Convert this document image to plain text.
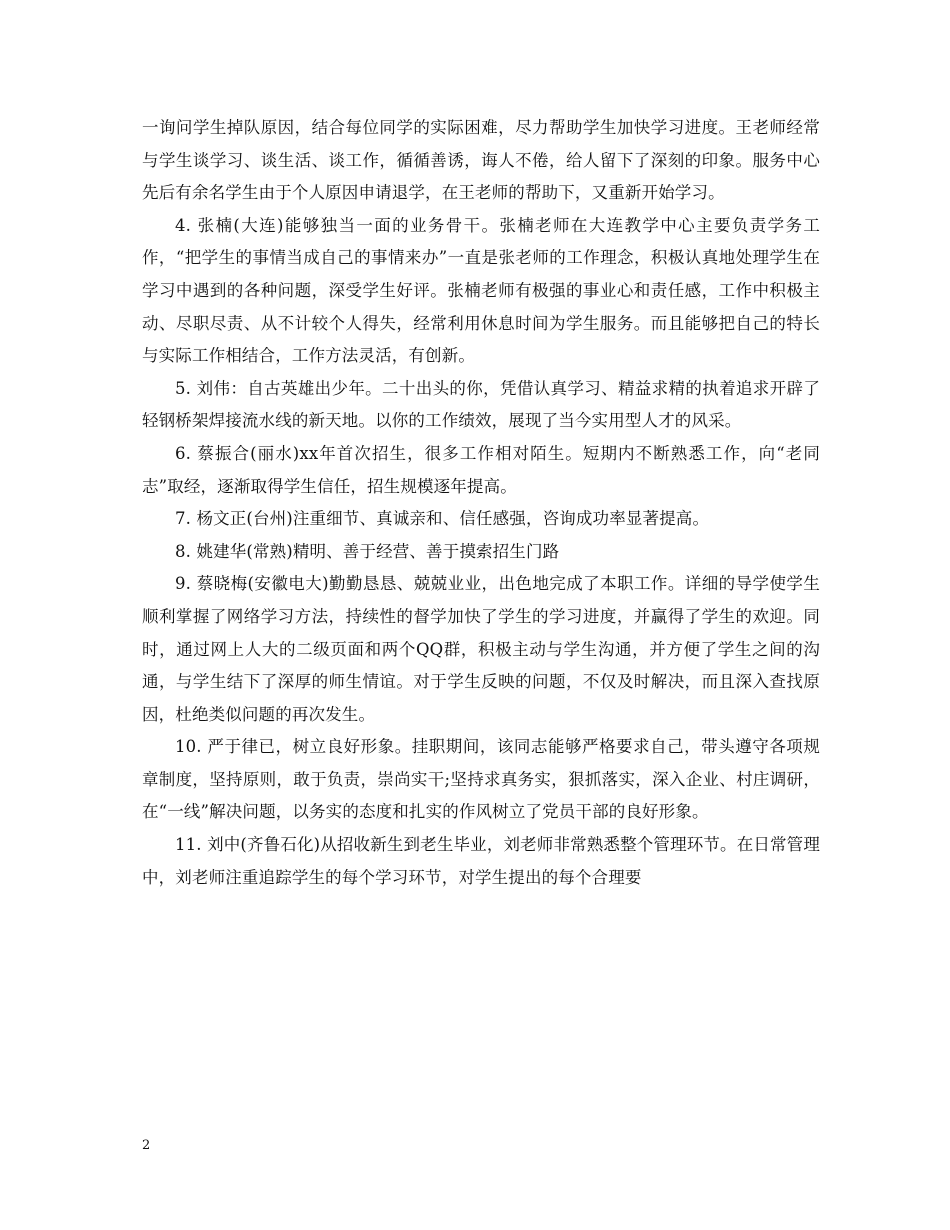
一询问学生掉队原因，结合每位同学的实际困难，尽力帮助学生加快学习进度。王老师经常与学生谈学习、谈生活、谈工作，循循善诱，诲人不倦，给人留下了深刻的印象。服务中心先后有余名学生由于个人原因申请退学，在王老师的帮助下，又重新开始学习。

4. 张楠(大连)能够独当一面的业务骨干。张楠老师在大连教学中心主要负责学务工作，“把学生的事情当成自己的事情来办”一直是张老师的工作理念，积极认真地处理学生在学习中遇到的各种问题，深受学生好评。张楠老师有极强的事业心和责任感，工作中积极主动、尽职尽责、从不计较个人得失，经常利用休息时间为学生服务。而且能够把自己的特长与实际工作相结合，工作方法灵活，有创新。

5. 刘伟：自古英雄出少年。二十出头的你，凭借认真学习、精益求精的执着追求开辟了轻钢桥架焊接流水线的新天地。以你的工作绩效，展现了当今实用型人才的风采。

6. 蔡振合(丽水)xx年首次招生，很多工作相对陌生。短期内不断熟悉工作，向“老同志”取经，逐渐取得学生信任，招生规模逐年提高。

7. 杨文正(台州)注重细节、真诚亲和、信任感强，咨询成功率显著提高。

8. 姚建华(常熟)精明、善于经营、善于摸索招生门路

9. 蔡晓梅(安徽电大)勤勤恳恳、兢兢业业，出色地完成了本职工作。详细的导学使学生顺利掌握了网络学习方法，持续性的督学加快了学生的学习进度，并赢得了学生的欢迎。同时，通过网上人大的二级页面和两个QQ群，积极主动与学生沟通，并方便了学生之间的沟通，与学生结下了深厚的师生情谊。对于学生反映的问题，不仅及时解决，而且深入查找原因，杜绝类似问题的再次发生。

10. 严于律已，树立良好形象。挂职期间，该同志能够严格要求自己，带头遵守各项规章制度，坚持原则，敢于负责，崇尚实干;坚持求真务实，狠抓落实，深入企业、村庄调研，在“一线”解决问题，以务实的态度和扎实的作风树立了党员干部的良好形象。

11. 刘中(齐鲁石化)从招收新生到老生毕业，刘老师非常熟悉整个管理环节。在日常管理中，刘老师注重追踪学生的每个学习环节，对学生提出的每个合理要

2
